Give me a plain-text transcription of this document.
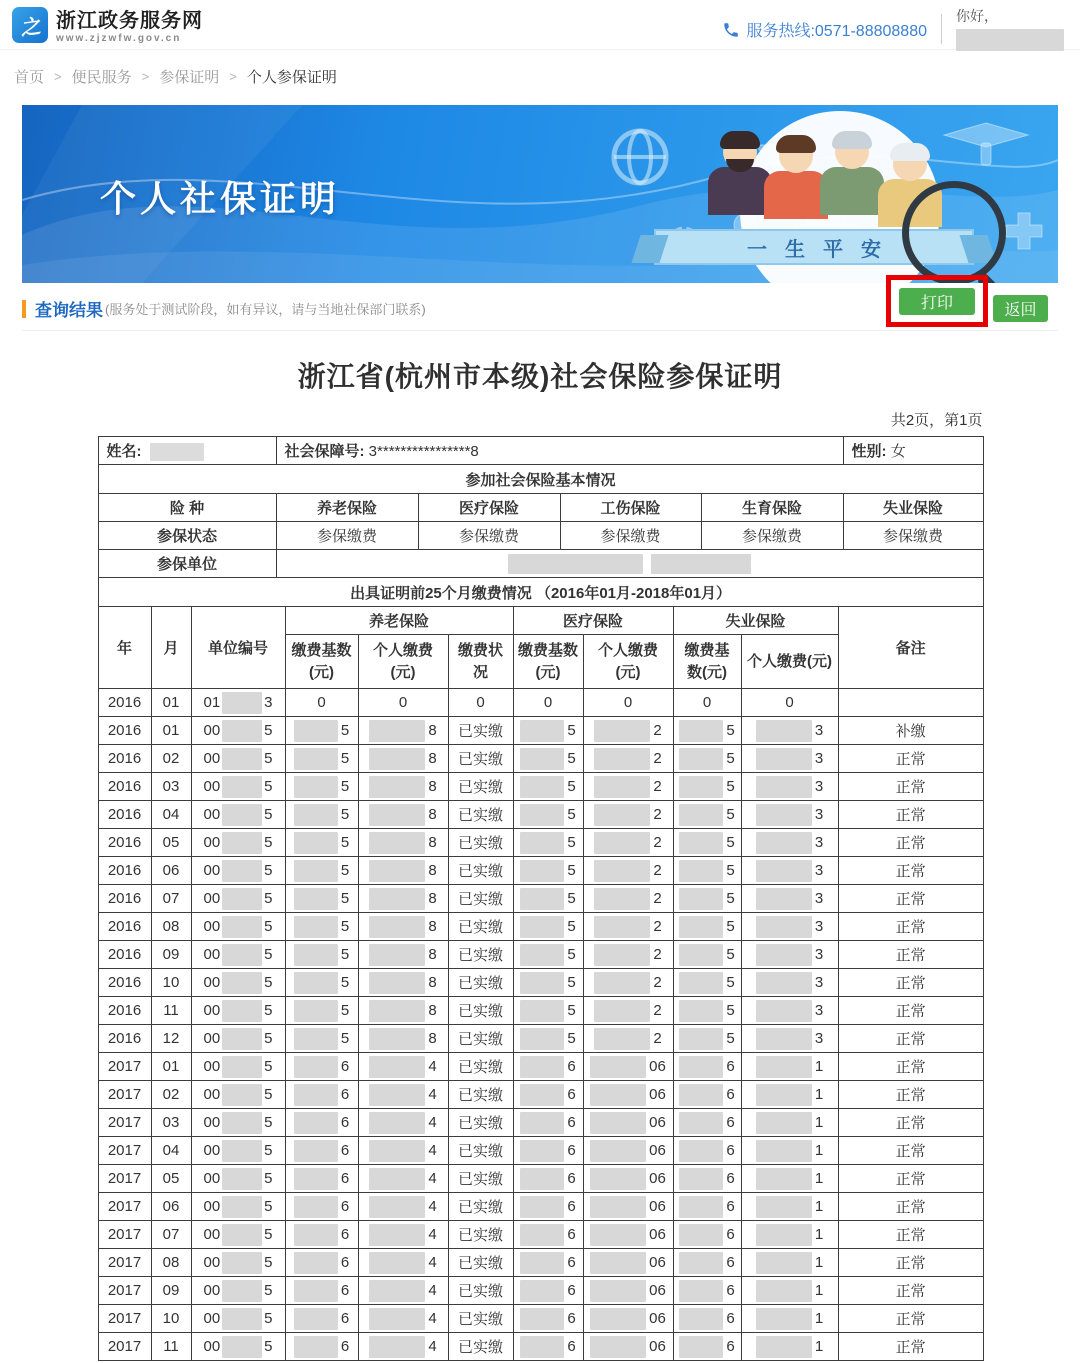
之 浙江政务服务网
www.zjzwfw.gov.cn	服务热线:0571-88808880
你好，
首页 > 便民服务 > 参保证明 > 个人参保证明
个人社保证明
一生平安
查询结果 (服务处于测试阶段，如有异议，请与当地社保部门联系)	打印	返回
浙江省(杭州市本级)社会保险参保证明
共2页，第1页
姓名:	社会保障号: 3****************8				性别: 女
参加社会保险基本情况					
险 种	养老保险	医疗保险	工伤保险	生育保险	失业保险
参保状态	参保缴费	参保缴费	参保缴费	参保缴费	参保缴费
参保单位					
出具证明前25个月缴费情况 （2016年01月-2018年01月）										
年	月	单位编号	养老保险			医疗保险		失业保险		备注
			缴费基数(元)	个人缴费(元)	缴费状况	缴费基数(元)	个人缴费(元)	缴费基数(元)	个人缴费(元)	
2016	01	01 3	0	0	0	0	0	0	0	
2016	01	00 5	5	8	已实缴	5	2	5	3	补缴
2016	02	00 5	5	8	已实缴	5	2	5	3	正常
2016	03	00 5	5	8	已实缴	5	2	5	3	正常
2016	04	00 5	5	8	已实缴	5	2	5	3	正常
2016	05	00 5	5	8	已实缴	5	2	5	3	正常
2016	06	00 5	5	8	已实缴	5	2	5	3	正常
2016	07	00 5	5	8	已实缴	5	2	5	3	正常
2016	08	00 5	5	8	已实缴	5	2	5	3	正常
2016	09	00 5	5	8	已实缴	5	2	5	3	正常
2016	10	00 5	5	8	已实缴	5	2	5	3	正常
2016	11	00 5	5	8	已实缴	5	2	5	3	正常
2016	12	00 5	5	8	已实缴	5	2	5	3	正常
2017	01	00 5	6	4	已实缴	6	06	6	1	正常
2017	02	00 5	6	4	已实缴	6	06	6	1	正常
2017	03	00 5	6	4	已实缴	6	06	6	1	正常
2017	04	00 5	6	4	已实缴	6	06	6	1	正常
2017	05	00 5	6	4	已实缴	6	06	6	1	正常
2017	06	00 5	6	4	已实缴	6	06	6	1	正常
2017	07	00 5	6	4	已实缴	6	06	6	1	正常
2017	08	00 5	6	4	已实缴	6	06	6	1	正常
2017	09	00 5	6	4	已实缴	6	06	6	1	正常
2017	10	00 5	6	4	已实缴	6	06	6	1	正常
2017	11	00 5	6	4	已实缴	6	06	6	1	正常
